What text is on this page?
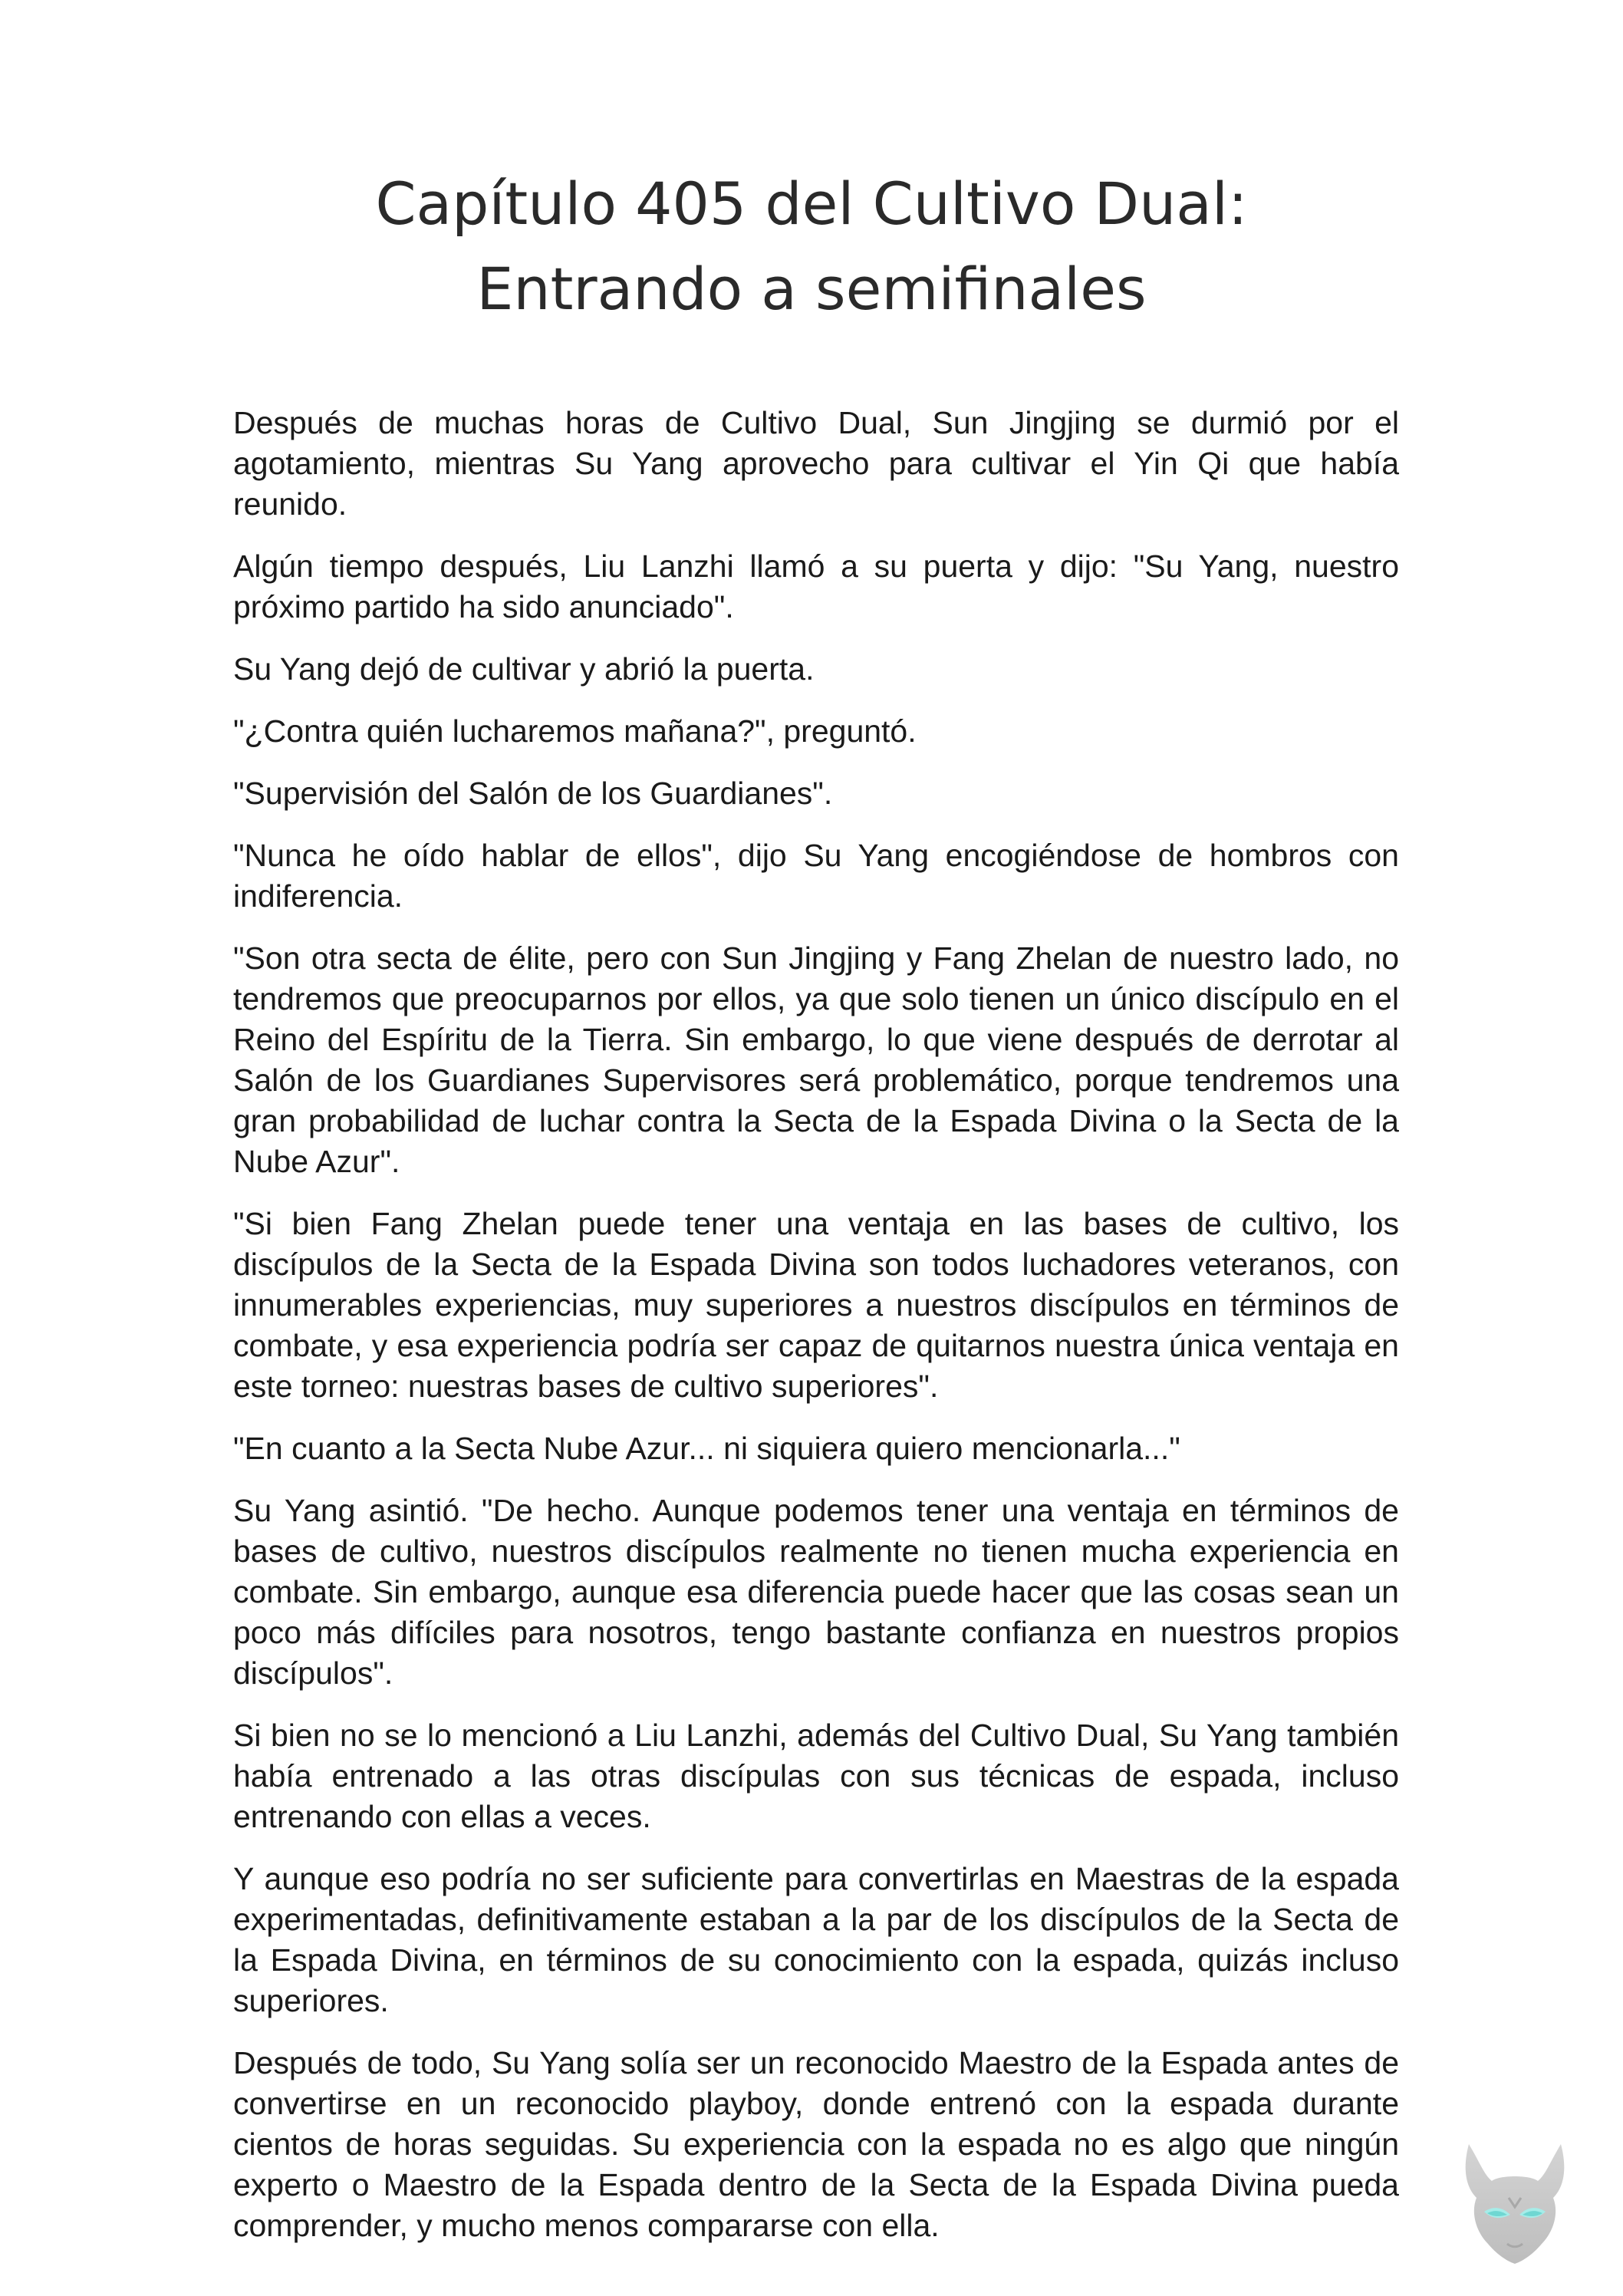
Capítulo 405 del Cultivo Dual:
Entrando a semifinales

Después de muchas horas de Cultivo Dual, Sun Jingjing se durmió por el agotamiento, mientras Su Yang aprovecho para cultivar el Yin Qi que había reunido.

Algún tiempo después, Liu Lanzhi llamó a su puerta y dijo: "Su Yang, nuestro próximo partido ha sido anunciado".

Su Yang dejó de cultivar y abrió la puerta.

"¿Contra quién lucharemos mañana?", preguntó.

"Supervisión del Salón de los Guardianes".

"Nunca he oído hablar de ellos", dijo Su Yang encogiéndose de hombros con indiferencia.

"Son otra secta de élite, pero con Sun Jingjing y Fang Zhelan de nuestro lado, no tendremos que preocuparnos por ellos, ya que solo tienen un único discípulo en el Reino del Espíritu de la Tierra. Sin embargo, lo que viene después de derrotar al Salón de los Guardianes Supervisores será problemático, porque tendremos una gran probabilidad de luchar contra la Secta de la Espada Divina o la Secta de la Nube Azur".

"Si bien Fang Zhelan puede tener una ventaja en las bases de cultivo, los discípulos de la Secta de la Espada Divina son todos luchadores veteranos, con innumerables experiencias, muy superiores a nuestros discípulos en términos de combate, y esa experiencia podría ser capaz de quitarnos nuestra única ventaja en este torneo: nuestras bases de cultivo superiores".

"En cuanto a la Secta Nube Azur... ni siquiera quiero mencionarla..."

Su Yang asintió. "De hecho. Aunque podemos tener una ventaja en términos de bases de cultivo, nuestros discípulos realmente no tienen mucha experiencia en combate. Sin embargo, aunque esa diferencia puede hacer que las cosas sean un poco más difíciles para nosotros, tengo bastante confianza en nuestros propios discípulos".

Si bien no se lo mencionó a Liu Lanzhi, además del Cultivo Dual, Su Yang también había entrenado a las otras discípulas con sus técnicas de espada, incluso entrenando con ellas a veces.

Y aunque eso podría no ser suficiente para convertirlas en Maestras de la espada experimentadas, definitivamente estaban a la par de los discípulos de la Secta de la Espada Divina, en términos de su conocimiento con la espada, quizás incluso superiores.

Después de todo, Su Yang solía ser un reconocido Maestro de la Espada antes de convertirse en un reconocido playboy, donde entrenó con la espada durante cientos de horas seguidas. Su experiencia con la espada no es algo que ningún experto o Maestro de la Espada dentro de la Secta de la Espada Divina pueda comprender, y mucho menos compararse con ella.
